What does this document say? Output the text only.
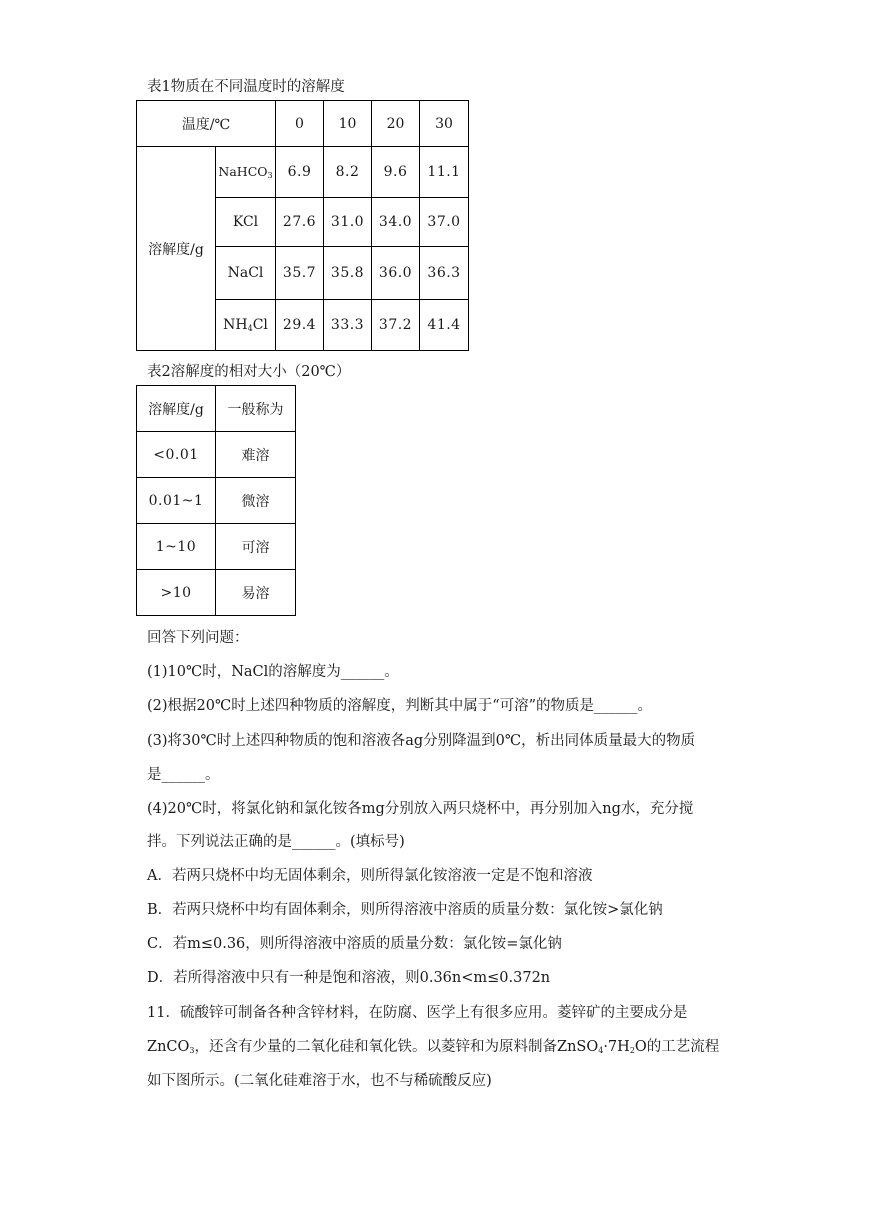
表1物质在不同温度时的溶解度
温度/℃		0	10	20	30
溶解度/g	NaHCO$_3$	6.9	8.2	9.6	11.1
	KCl	27.6	31.0	34.0	37.0
	NaCl	35.7	35.8	36.0	36.3
	$NH_4Cl$	29.4	33.3	37.2	41.4
表2溶解度的相对大小（20℃）
溶解度/g	一般称为
<0.01	难溶
0.01~1	微溶
1~10	可溶
>10	易溶
回答下列问题：
(1)10℃时，NaCl的溶解度为______。
(2)根据20℃时上述四种物质的溶解度，判断其中属于“可溶”的物质是______。
(3)将30℃时上述四种物质的饱和溶液各ag分别降温到0℃，析出同体质量最大的物质
是______。
(4)20℃时，将氯化钠和氯化铵各mg分别放入两只烧杯中，再分别加入ng水，充分搅
拌。下列说法正确的是______。(填标号)
A．若两只烧杯中均无固体剩余，则所得氯化铵溶液一定是不饱和溶液
B．若两只烧杯中均有固体剩余，则所得溶液中溶质的质量分数：氯化铵>氯化钠
C．若m≤0.36，则所得溶液中溶质的质量分数：氯化铵=氯化钠
D．若所得溶液中只有一种是饱和溶液，则0.36n<m≤0.372n
11．硫酸锌可制备各种含锌材料，在防腐、医学上有很多应用。菱锌矿的主要成分是
ZnCO$_3$，还含有少量的二氧化硅和氧化铁。以菱锌和为原料制备$ZnSO_4\cdot 7H_2O$的工艺流程
如下图所示。(二氧化硅难溶于水，也不与稀硫酸反应)
